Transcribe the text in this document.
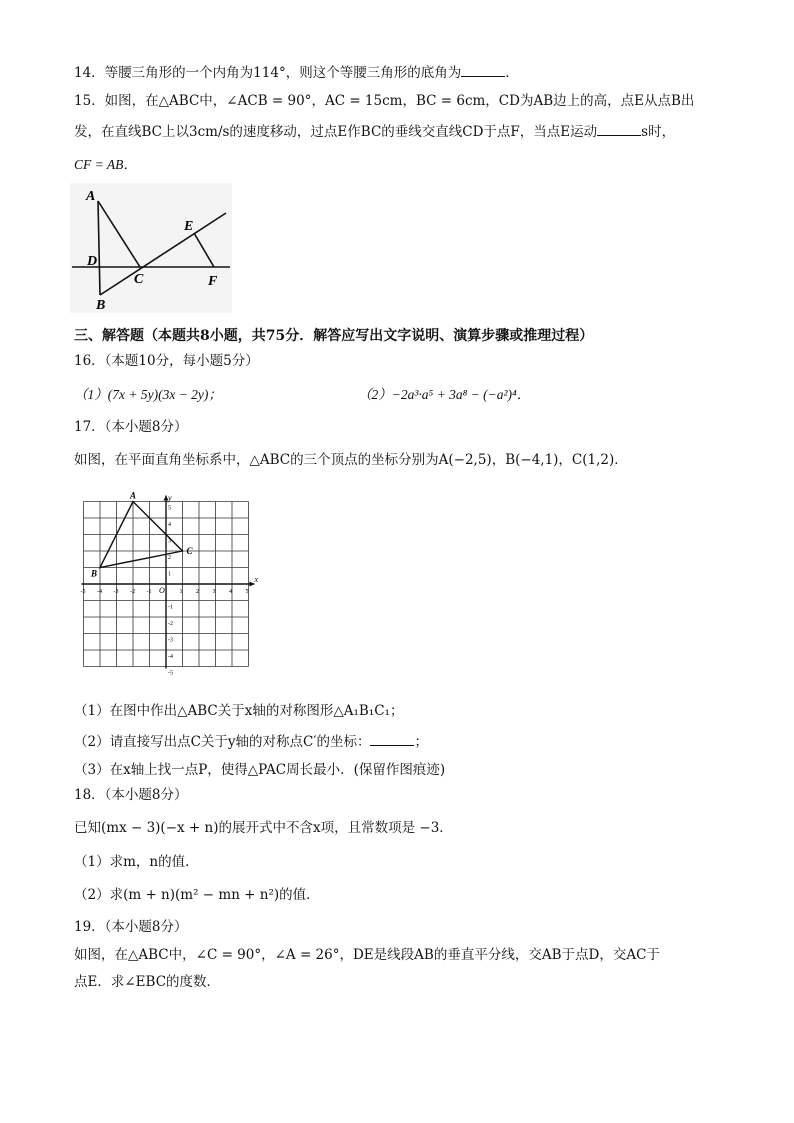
14．等腰三角形的一个内角为114°，则这个等腰三角形的底角为	．
15．如图，在△ABC中，∠ACB = 90°，AC = 15cm，BC = 6cm，CD为AB边上的高，点E从点B出
发，在直线BC上以3cm/s的速度移动，过点E作BC的垂线交直线CD于点F，当点E运动	s时，
CF = AB．
A
D
C
E
F
B
三、解答题（本题共8小题，共75分．解答应写出文字说明、演算步骤或推理过程）
16．（本题10分，每小题5分）
（1）(7x + 5y)(3x − 2y)；	（2）−2a³·a⁵ + 3a⁸ − (−a²)⁴．
17．（本小题8分）
如图，在平面直角坐标系中，△ABC的三个顶点的坐标分别为A(−2,5)，B(−4,1)，C(1,2)．
x
y
O
-5 -4 -3 -2 -1	1 2 3 4 5
5
4
3
2
1
-1
-2
-3
-4
-5
A
B
C
（1）在图中作出△ABC关于x轴的对称图形△A₁B₁C₁；
（2）请直接写出点C关于y轴的对称点C′的坐标：	；
（3）在x轴上找一点P，使得△PAC周长最小．(保留作图痕迹)
18．（本小题8分）
已知(mx − 3)(−x + n)的展开式中不含x项，且常数项是 −3．
（1）求m，n的值．
（2）求(m + n)(m² − mn + n²)的值．
19．（本小题8分）
如图，在△ABC中，∠C = 90°，∠A = 26°，DE是线段AB的垂直平分线，交AB于点D，交AC于
点E．求∠EBC的度数．
